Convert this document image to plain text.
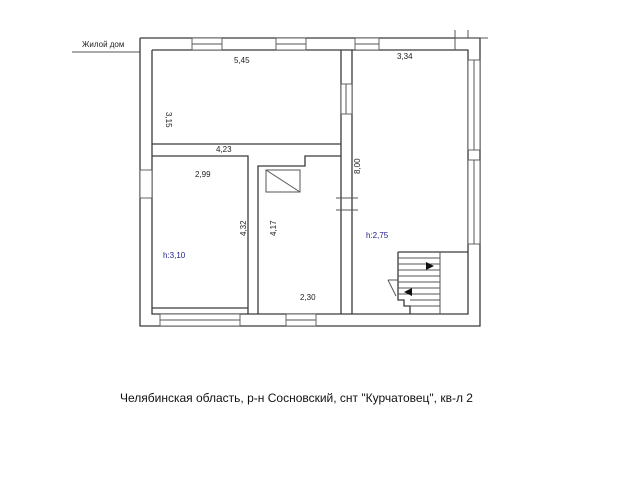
Жилой дом
5,45	3,34
3,15
4,23
8,00
2,99
4,32	4,17
2,30
h:3,10
h:2,75
Челябинская область, р-н Сосновский, снт "Курчатовец", кв-л 2
